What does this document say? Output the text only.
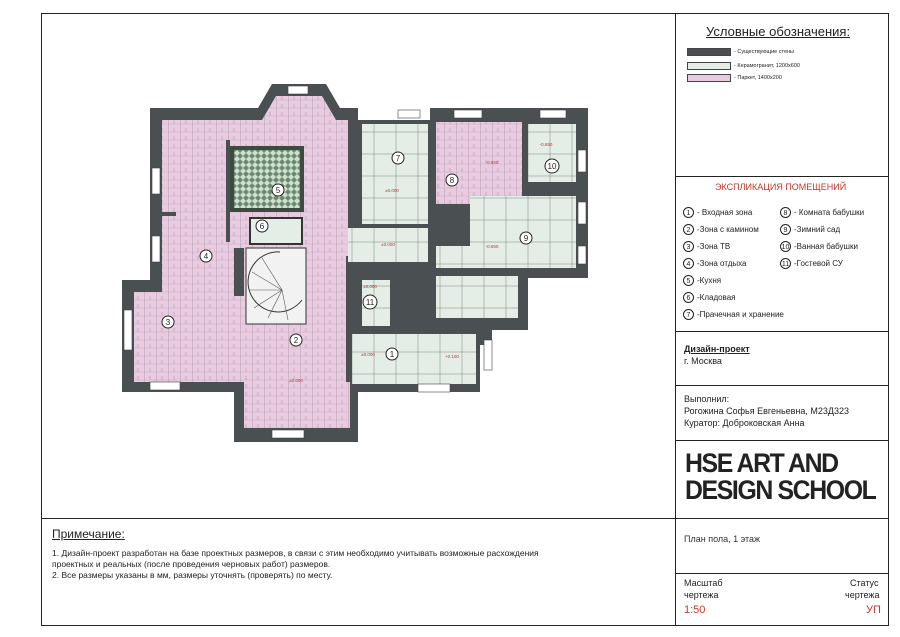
Условные обозначения:
- Существующие стены
- Керамогранит, 1200х600
- Паркет, 1400х200
ЭКСПЛИКАЦИЯ ПОМЕЩЕНИЙ
1 - Входная зона
2 -Зона с камином
3 -Зона ТВ
4 -Зона отдыха
5 -Кухня
6 -Кладовая
7 -Прачечная и хранение
8 - Комната бабушки
9 -Зимний сад
10 -Ванная бабушки
11 -Гостевой СУ
Дизайн-проект
г. Москва
Выполнил:
Рогожина Софья Евгеньевна, М23Д323
Куратор: Доброковская Анна
HSE ART AND
DESIGN SCHOOL
План пола, 1 этаж
Масштаб
чертежа
1:50
Статус
чертежа
УП
Примечание:
1. Дизайн-проект разработан на базе проектных размеров, в связи с этим необходимо учитывать возможные расхождения
проектных и реальных (после проведения черновых работ) размеров.
2. Все размеры указаны в мм, размеры уточнять (проверять) по месту.
1
2
3
4
5
6
7
8
9
10
11
±0.000
±0.000
-0.650
-0.650
-0.650
±0.000
±0.000
±0.000
+0.100
